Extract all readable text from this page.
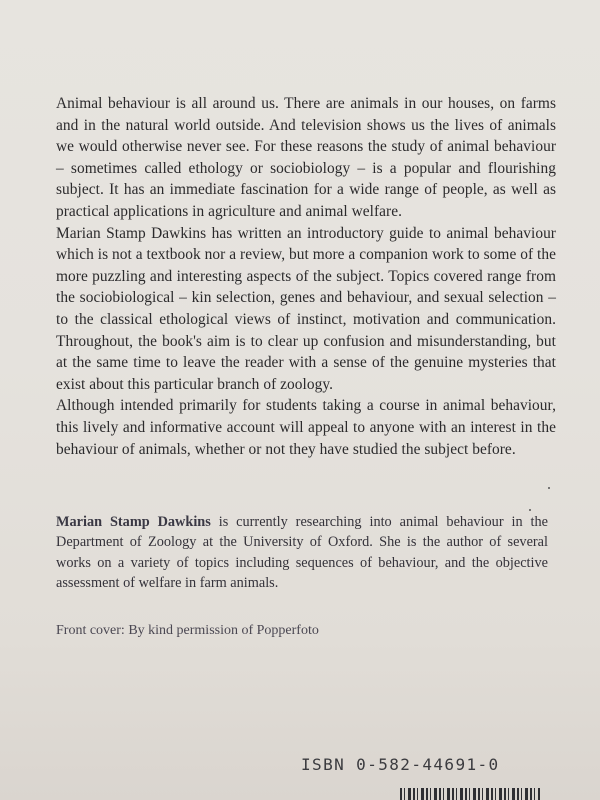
Animal behaviour is all around us. There are animals in our houses, on farms and in the natural world outside. And television shows us the lives of animals we would otherwise never see. For these reasons the study of animal behaviour – sometimes called ethology or sociobiology – is a popular and flourishing subject. It has an immediate fascination for a wide range of people, as well as practical applications in agriculture and animal welfare.

Marian Stamp Dawkins has written an introductory guide to animal behaviour which is not a textbook nor a review, but more a companion work to some of the more puzzling and interesting aspects of the subject. Topics covered range from the sociobiological – kin selection, genes and behaviour, and sexual selection – to the classical ethological views of instinct, motivation and communication. Throughout, the book's aim is to clear up confusion and misunderstanding, but at the same time to leave the reader with a sense of the genuine mysteries that exist about this particular branch of zoology.

Although intended primarily for students taking a course in animal behaviour, this lively and informative account will appeal to anyone with an interest in the behaviour of animals, whether or not they have studied the subject before.

Marian Stamp Dawkins is currently researching into animal behaviour in the Department of Zoology at the University of Oxford. She is the author of several works on a variety of topics including sequences of behaviour, and the objective assessment of welfare in farm animals.

Front cover: By kind permission of Popperfoto
ISBN 0-582-44691-0
